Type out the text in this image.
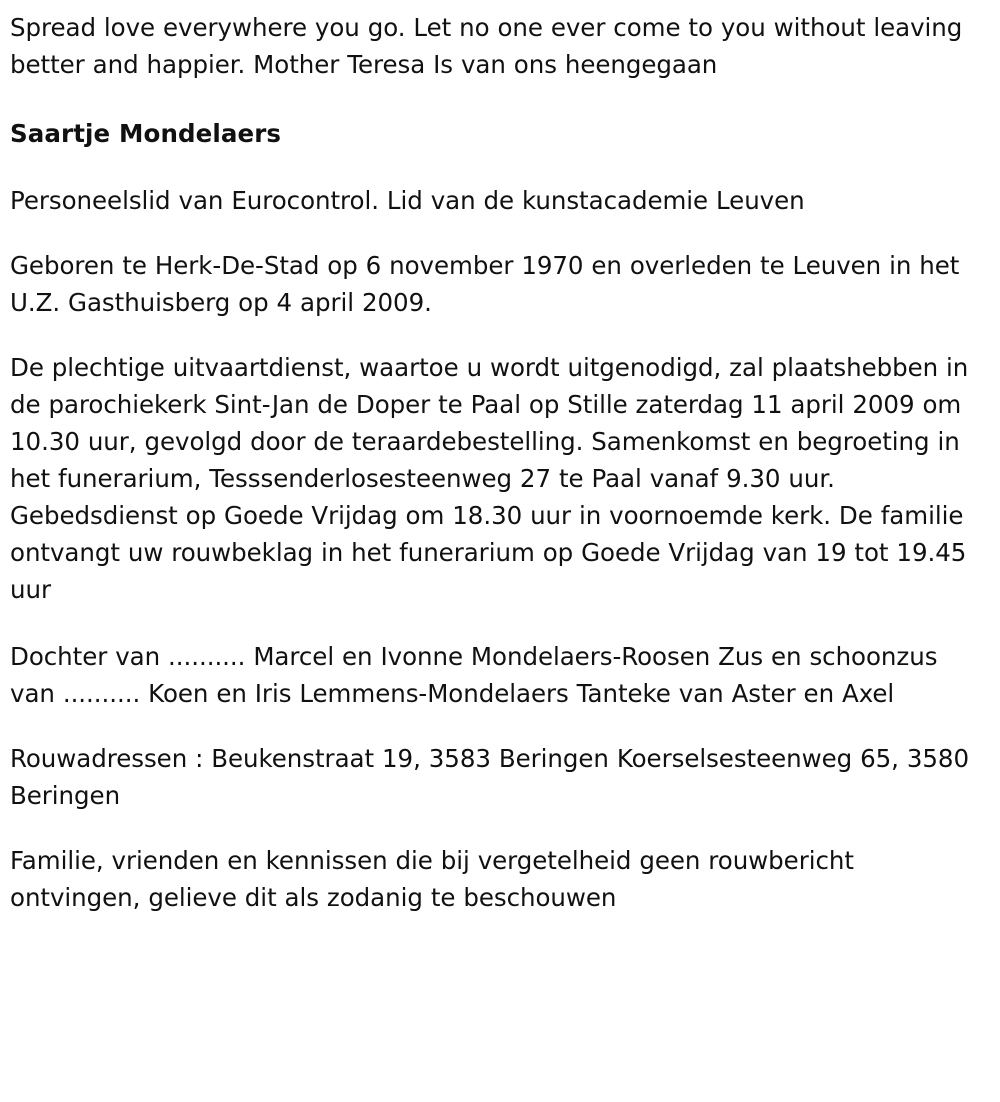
Spread love everywhere you go. Let no one ever come to you without leaving better and happier. Mother Teresa Is van ons heengegaan

Saartje Mondelaers

Personeelslid van Eurocontrol. Lid van de kunstacademie Leuven

Geboren te Herk-De-Stad op 6 november 1970 en overleden te Leuven in het U.Z. Gasthuisberg op 4 april 2009.

De plechtige uitvaartdienst, waartoe u wordt uitgenodigd, zal plaatshebben in de parochiekerk Sint-Jan de Doper te Paal op Stille zaterdag 11 april 2009 om 10.30 uur, gevolgd door de teraardebestelling. Samenkomst en begroeting in het funerarium, Tesssenderlosesteenweg 27 te Paal vanaf 9.30 uur. Gebedsdienst op Goede Vrijdag om 18.30 uur in voornoemde kerk. De familie ontvangt uw rouwbeklag in het funerarium op Goede Vrijdag van 19 tot 19.45 uur

Dochter van .......... Marcel en Ivonne Mondelaers-Roosen Zus en schoonzus van .......... Koen en Iris Lemmens-Mondelaers Tanteke van Aster en Axel

Rouwadressen : Beukenstraat 19, 3583 Beringen Koerselsesteenweg 65, 3580 Beringen

Familie, vrienden en kennissen die bij vergetelheid geen rouwbericht ontvingen, gelieve dit als zodanig te beschouwen
